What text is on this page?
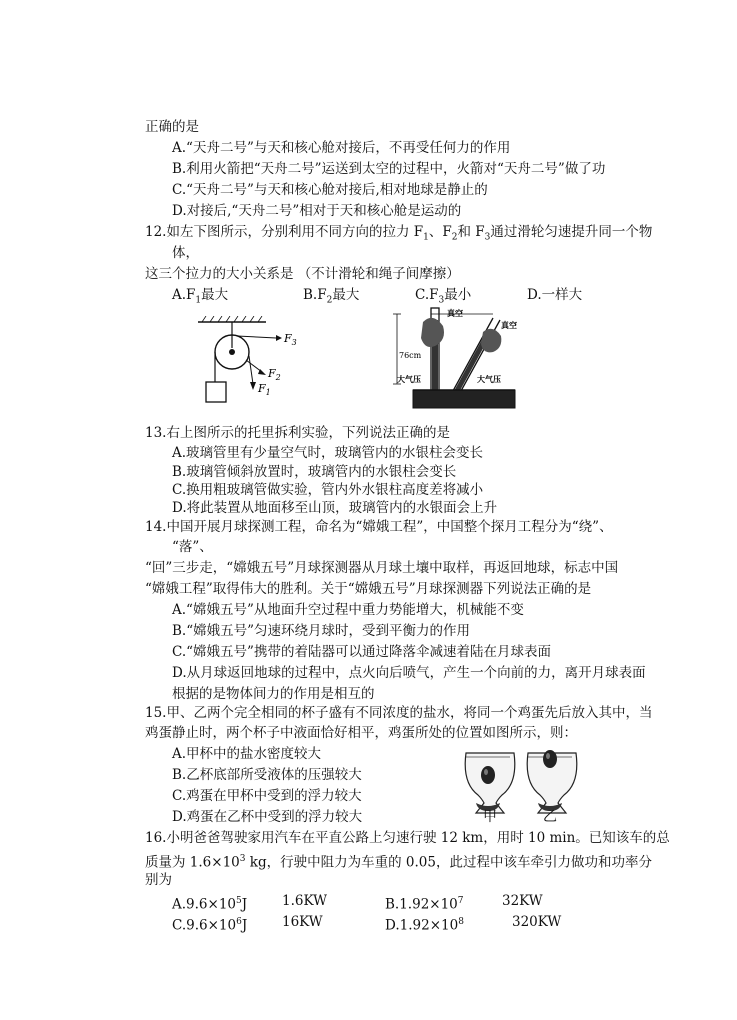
正确的是
A.“天舟二号”与天和核心舱对接后，不再受任何力的作用
B.利用火箭把“天舟二号”运送到太空的过程中，火箭对“天舟二号”做了功
C.“天舟二号”与天和核心舱对接后,相对地球是静止的
D.对接后,“天舟二号”相对于天和核心舱是运动的
12.如左下图所示，分别利用不同方向的拉力 $F_1$、$F_2$和 $F_3$通过滑轮匀速提升同一个物
体，
这三个拉力的大小关系是 （不计滑轮和绳子间摩擦）
$A.F_1$最大	$B.F_2$最大	$C.F_3$最小	D.一样大
$F_3$
$F_2$
$F_1$
76cm
真空
真空
大气压	大气压
13.右上图所示的托里拆利实验，下列说法正确的是
A.玻璃管里有少量空气时，玻璃管内的水银柱会变长
B.玻璃管倾斜放置时，玻璃管内的水银柱会变长
C.换用粗玻璃管做实验，管内外水银柱高度差将减小
D.将此装置从地面移至山顶，玻璃管内的水银面会上升
14.中国开展月球探测工程，命名为“嫦娥工程”，中国整个探月工程分为“绕”、
“落”、
“回”三步走，“嫦娥五号”月球探测器从月球土壤中取样，再返回地球，标志中国
“嫦娥工程”取得伟大的胜利。关于“嫦娥五号”月球探测器下列说法正确的是
A.“嫦娥五号”从地面升空过程中重力势能增大，机械能不变
B.“嫦娥五号”匀速环绕月球时，受到平衡力的作用
C.“嫦娥五号”携带的着陆器可以通过降落伞减速着陆在月球表面
D.从月球返回地球的过程中，点火向后喷气，产生一个向前的力，离开月球表面
根据的是物体间力的作用是相互的
15.甲、乙两个完全相同的杯子盛有不同浓度的盐水，将同一个鸡蛋先后放入其中，当
鸡蛋静止时，两个杯子中液面恰好相平，鸡蛋所处的位置如图所示，则：
A.甲杯中的盐水密度较大
B.乙杯底部所受液体的压强较大
C.鸡蛋在甲杯中受到的浮力较大
D.鸡蛋在乙杯中受到的浮力较大	甲	乙
16.小明爸爸驾驶家用汽车在平直公路上匀速行驶 12 km，用时 10 min。已知该车的总
质量为 $1.6\times 10^3$ kg，行驶中阻力为车重的 0.05，此过程中该车牵引力做功和功率分
别为
$A.9.6\times 10^5J$	1.6KW	$B.1.92\times 10^7$	32KW
$C.9.6\times 10^6J$	16KW	$D.1.92\times 10^8$	320KW
